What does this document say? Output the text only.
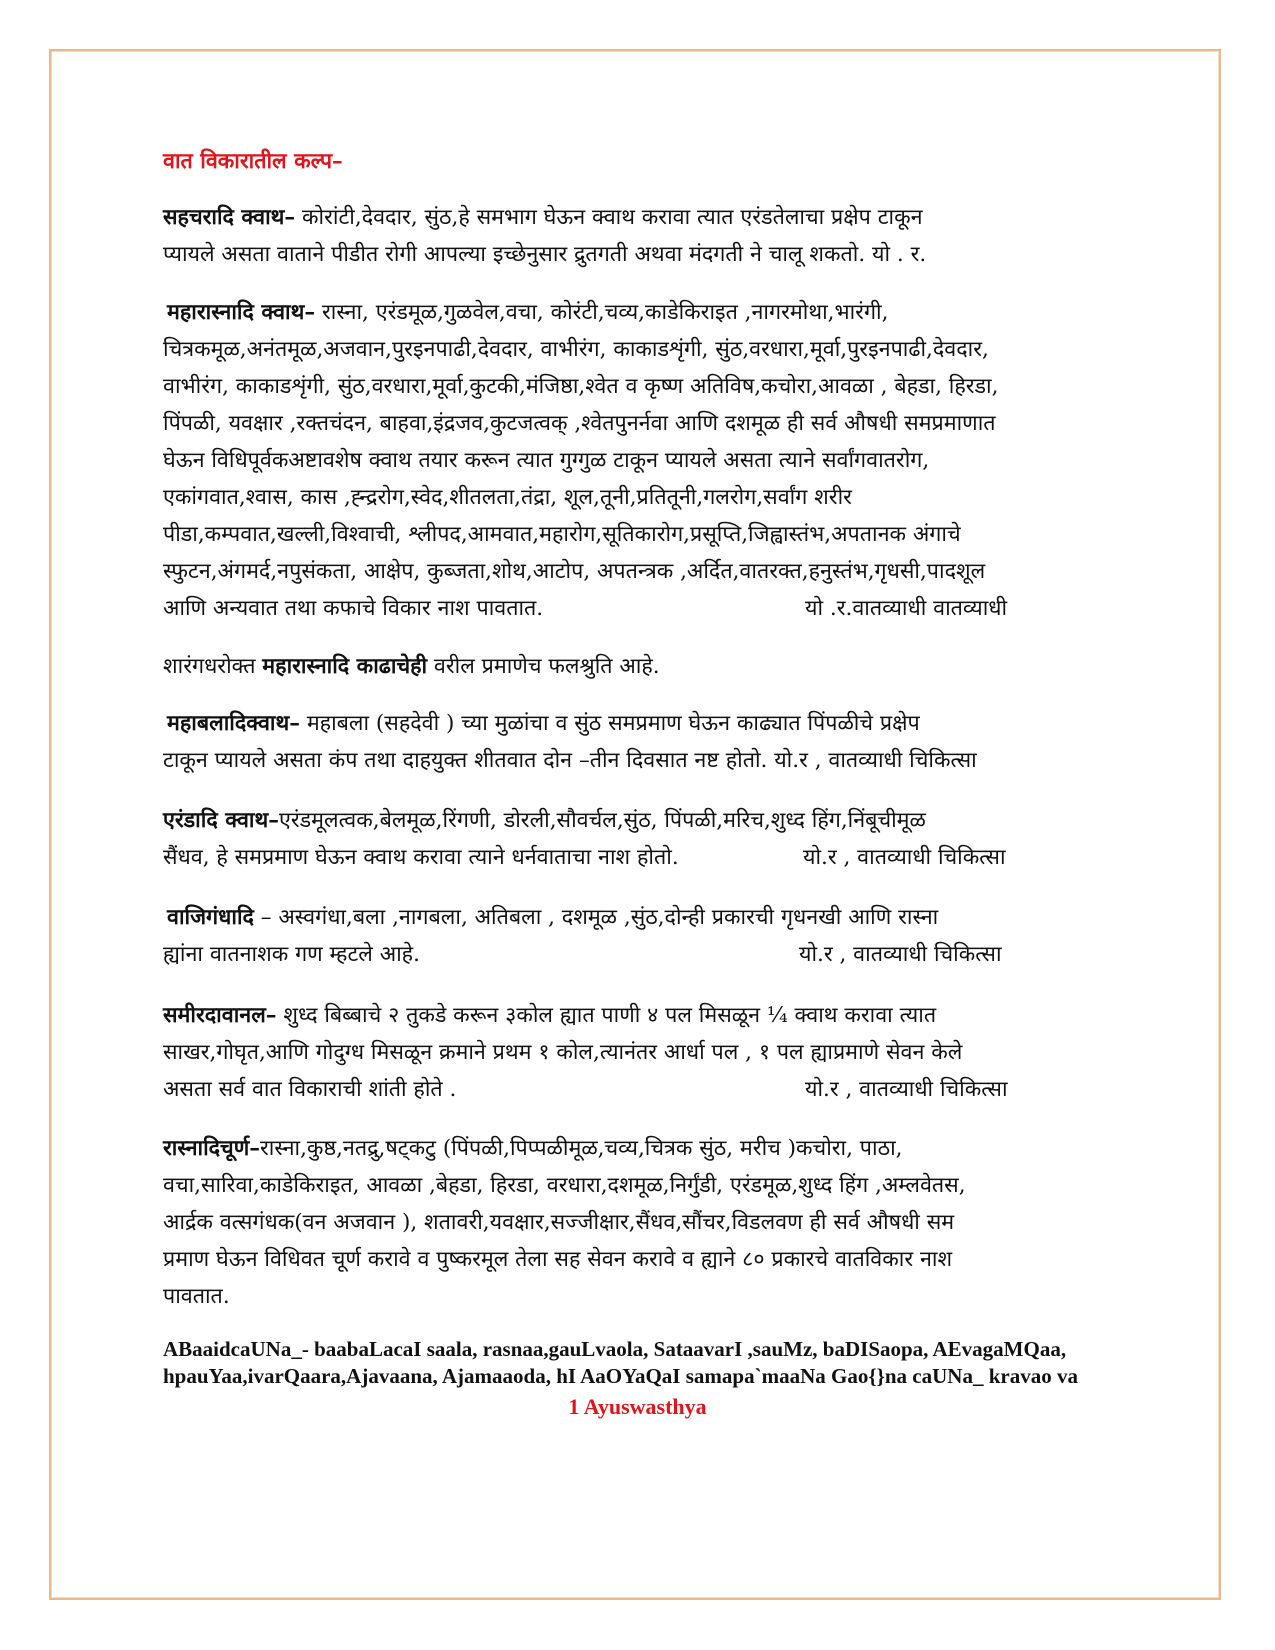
वात विकारातील कल्प–
सहचरादि क्वाथ– कोरांटी,देवदार, सुंठ,हे समभाग घेऊन क्वाथ करावा त्यात एरंडतेलाचा प्रक्षेप टाकून
प्यायले असता वाताने पीडीत रोगी आपल्या इच्छेनुसार द्रुतगती अथवा मंदगती ने चालू शकतो. यो . र.
महारास्नादि क्वाथ– रास्ना, एरंडमूळ,गुळवेल,वचा, कोरंटी,चव्य,काडेकिराइत ,नागरमोथा,भारंगी,
चित्रकमूळ,अनंतमूळ,अजवान,पुरइनपाढी,देवदार, वाभीरंग, काकाडशृंगी, सुंठ,वरधारा,मूर्वा,पुरइनपाढी,देवदार,
वाभीरंग, काकाडशृंगी, सुंठ,वरधारा,मूर्वा,कुटकी,मंजिष्ठा,श्वेत व कृष्ण अतिविष,कचोरा,आवळा , बेहडा, हिरडा,
पिंपळी, यवक्षार ,रक्तचंदन, बाहवा,इंद्रजव,कुटजत्वक् ,श्वेतपुनर्नवा आणि दशमूळ ही सर्व औषधी समप्रमाणात
घेऊन विधिपूर्वकअष्टावशेष क्वाथ तयार करून त्यात गुग्गुळ टाकून प्यायले असता त्याने सर्वांगवातरोग,
एकांगवात,श्वास, कास ,ह्न्द्ररोग,स्वेद,शीतलता,तंद्रा, शूल,तूनी,प्रतितूनी,गलरोग,सर्वांग शरीर
पीडा,कम्पवात,खल्ली,विश्वाची, श्लीपद,आमवात,महारोग,सूतिकारोग,प्रसूप्ति,जिह्वास्तंभ,अपतानक अंगाचे
स्फुटन,अंगमर्द,नपुसंकता, आक्षेप, कुब्जता,शोथ,आटोप, अपतन्त्रक ,अर्दित,वातरक्त,हनुस्तंभ,गृधसी,पादशूल
आणि अन्यवात तथा कफाचे विकार नाश पावतात.	यो .र.वातव्याधी वातव्याधी
शारंगधरोक्त महारास्नादि काढाचेही वरील प्रमाणेच फलश्रुति आहे.
महाबलादिक्वाथ– महाबला (सहदेवी ) च्या मुळांचा व सुंठ समप्रमाण घेऊन काढ्यात पिंपळीचे प्रक्षेप
टाकून प्यायले असता कंप तथा दाहयुक्त शीतवात दोन –तीन दिवसात नष्ट होतो. यो.र , वातव्याधी चिकित्सा
एरंडादि क्वाथ–एरंडमूलत्वक,बेलमूळ,रिंगणी, डोरली,सौवर्चल,सुंठ, पिंपळी,मरिच,शुध्द हिंग,निंबूचीमूळ
सैंधव, हे समप्रमाण घेऊन क्वाथ करावा त्याने धर्नवाताचा नाश होतो.	यो.र , वातव्याधी चिकित्सा
वाजिगंधादि – अस्वगंधा,बला ,नागबला, अतिबला , दशमूळ ,सुंठ,दोन्ही प्रकारची गृधनखी आणि रास्ना
ह्यांना वातनाशक गण म्हटले आहे.	यो.र , वातव्याधी चिकित्सा
समीरदावानल– शुध्द बिब्बाचे २ तुकडे करून ३कोल ह्यात पाणी ४ पल मिसळून ¼ क्वाथ करावा त्यात
साखर,गोघृत,आणि गोदुग्ध मिसळून क्रमाने प्रथम १ कोल,त्यानंतर आर्धा पल , १ पल ह्याप्रमाणे सेवन केले
असता सर्व वात विकाराची शांती होते .	यो.र , वातव्याधी चिकित्सा
रास्नादिचूर्ण–रास्ना,कुष्ठ,नतद्रु,षट्कटु (पिंपळी,पिप्पळीमूळ,चव्य,चित्रक सुंठ, मरीच )कचोरा, पाठा,
वचा,सारिवा,काडेकिराइत, आवळा ,बेहडा, हिरडा, वरधारा,दशमूळ,निर्गुंडी, एरंडमूळ,शुध्द हिंग ,अम्लवेतस,
आर्द्रक वत्सगंधक(वन अजवान ), शतावरी,यवक्षार,सज्जीक्षार,सैंधव,सौंचर,विडलवण ही सर्व औषधी सम
प्रमाण घेऊन विधिवत चूर्ण करावे व पुष्करमूल तेला सह सेवन करावे व ह्याने ८० प्रकारचे वातविकार नाश
पावतात.
ABaaidcaUNa_- baabaLacaI saala, rasnaa,gauLvaola, SataavarI ,sauMz, baDISaopa, AEvagaMQaa,
hpauYaa,ivarQaara,Ajavaana, Ajamaaoda, hI AaOYaQaI samapa`maaNa Gao{}na caUNa_ kravao va
1 Ayuswasthya
